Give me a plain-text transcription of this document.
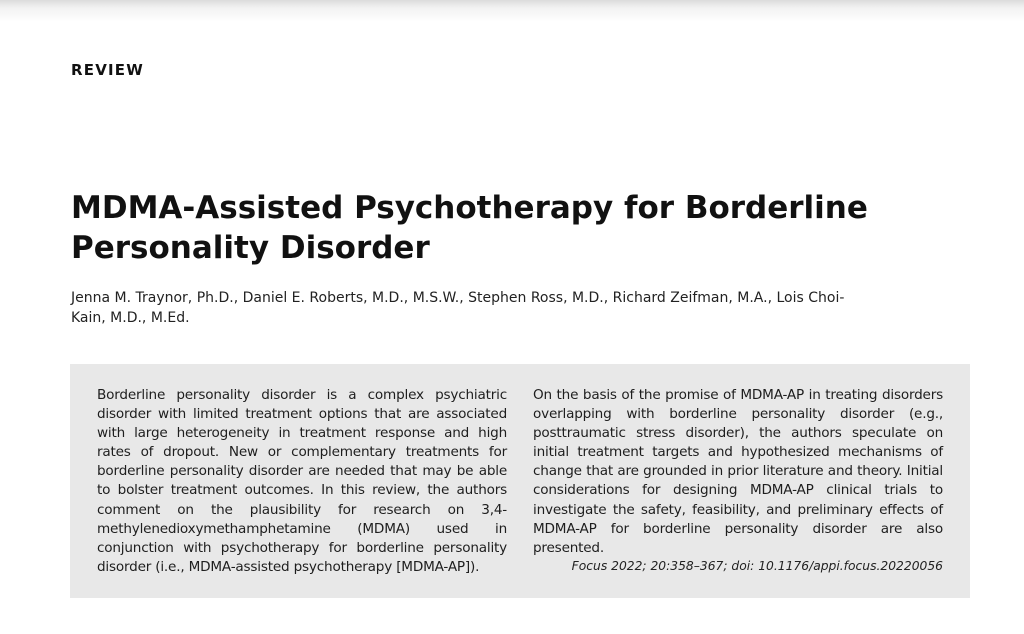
REVIEW
MDMA-Assisted Psychotherapy for Borderline Personality Disorder
Jenna M. Traynor, Ph.D., Daniel E. Roberts, M.D., M.S.W., Stephen Ross, M.D., Richard Zeifman, M.A., Lois Choi-Kain, M.D., M.Ed.

Borderline personality disorder is a complex psychiatric disorder with limited treatment options that are associated with large heterogeneity in treatment response and high rates of dropout. New or complementary treatments for borderline personality disorder are needed that may be able to bolster treatment outcomes. In this review, the authors comment on the plausibility for research on 3,4-methylenedioxymethamphetamine (MDMA) used in conjunction with psychotherapy for borderline personality disorder (i.e., MDMA-assisted psychotherapy [MDMA-AP]).

On the basis of the promise of MDMA-AP in treating disorders overlapping with borderline personality disorder (e.g., posttraumatic stress disorder), the authors speculate on initial treatment targets and hypothesized mechanisms of change that are grounded in prior literature and theory. Initial considerations for designing MDMA-AP clinical trials to investigate the safety, feasibility, and preliminary effects of MDMA-AP for borderline personality disorder are also presented.

Focus 2022; 20:358–367; doi: 10.1176/appi.focus.20220056
